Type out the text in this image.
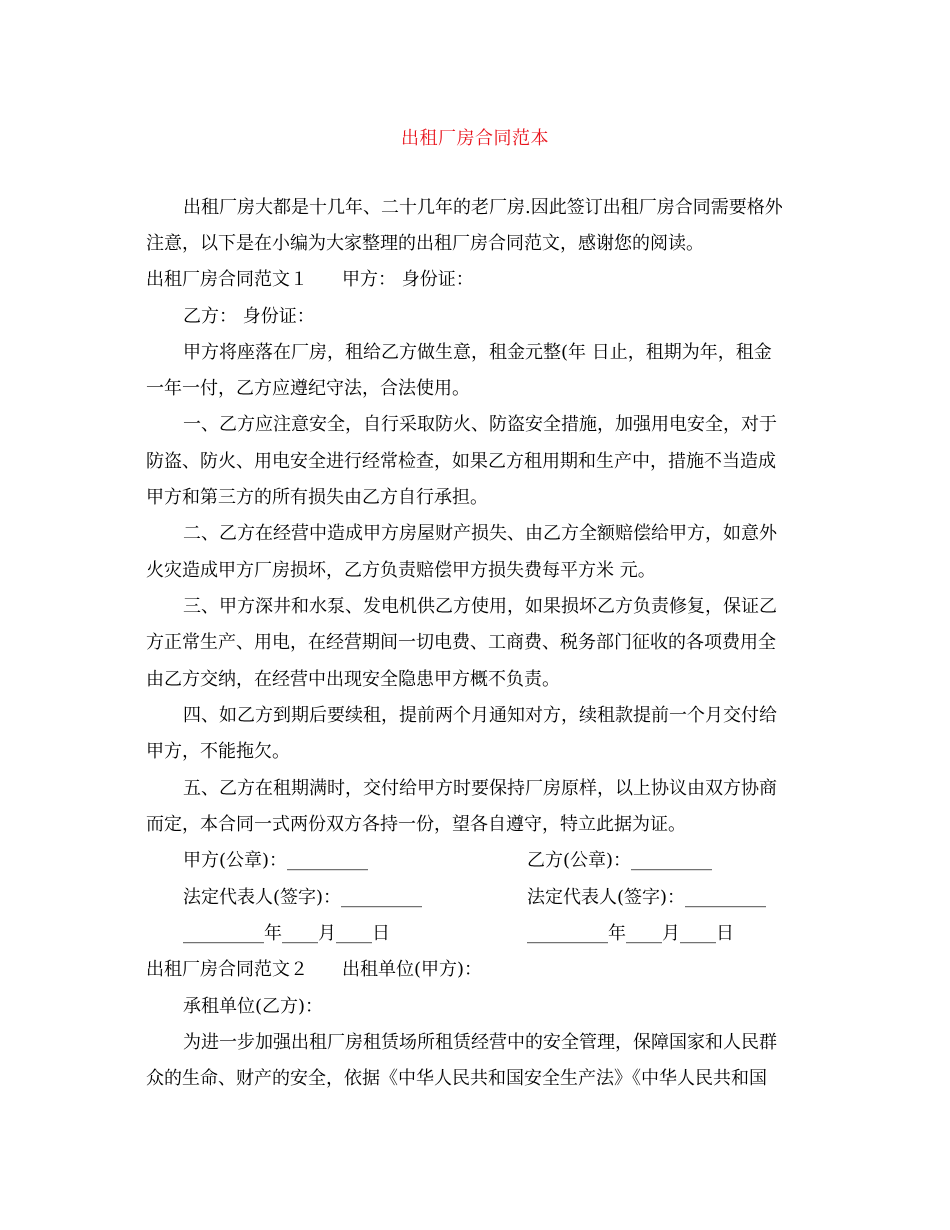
出租厂房合同范本
出租厂房大都是十几年、二十几年的老厂房.因此签订出租厂房合同需要格外
注意，以下是在小编为大家整理的出租厂房合同范文，感谢您的阅读。
出租厂房合同范文１ 甲方： 身份证：
乙方： 身份证：
甲方将座落在厂房，租给乙方做生意，租金元整(年 日止，租期为年，租金
一年一付，乙方应遵纪守法，合法使用。
一、乙方应注意安全，自行采取防火、防盗安全措施，加强用电安全，对于
防盗、防火、用电安全进行经常检查，如果乙方租用期和生产中，措施不当造成
甲方和第三方的所有损失由乙方自行承担。
二、乙方在经营中造成甲方房屋财产损失、由乙方全额赔偿给甲方，如意外
火灾造成甲方厂房损坏，乙方负责赔偿甲方损失费每平方米 元。
三、甲方深井和水泵、发电机供乙方使用，如果损坏乙方负责修复，保证乙
方正常生产、用电，在经营期间一切电费、工商费、税务部门征收的各项费用全
由乙方交纳，在经营中出现安全隐患甲方概不负责。
四、如乙方到期后要续租，提前两个月通知对方，续租款提前一个月交付给
甲方，不能拖欠。
五、乙方在租期满时，交付给甲方时要保持厂房原样，以上协议由双方协商
而定，本合同一式两份双方各持一份，望各自遵守，特立此据为证。
甲方(公章)：_________	乙方(公章)：_________
法定代表人(签字)：_________	法定代表人(签字)：_________
_________年____月____日	_________年____月____日
出租厂房合同范文２ 出租单位(甲方)：
承租单位(乙方)：
为进一步加强出租厂房租赁场所租赁经营中的安全管理，保障国家和人民群
众的生命、财产的安全，依据《中华人民共和国安全生产法》《中华人民共和国
